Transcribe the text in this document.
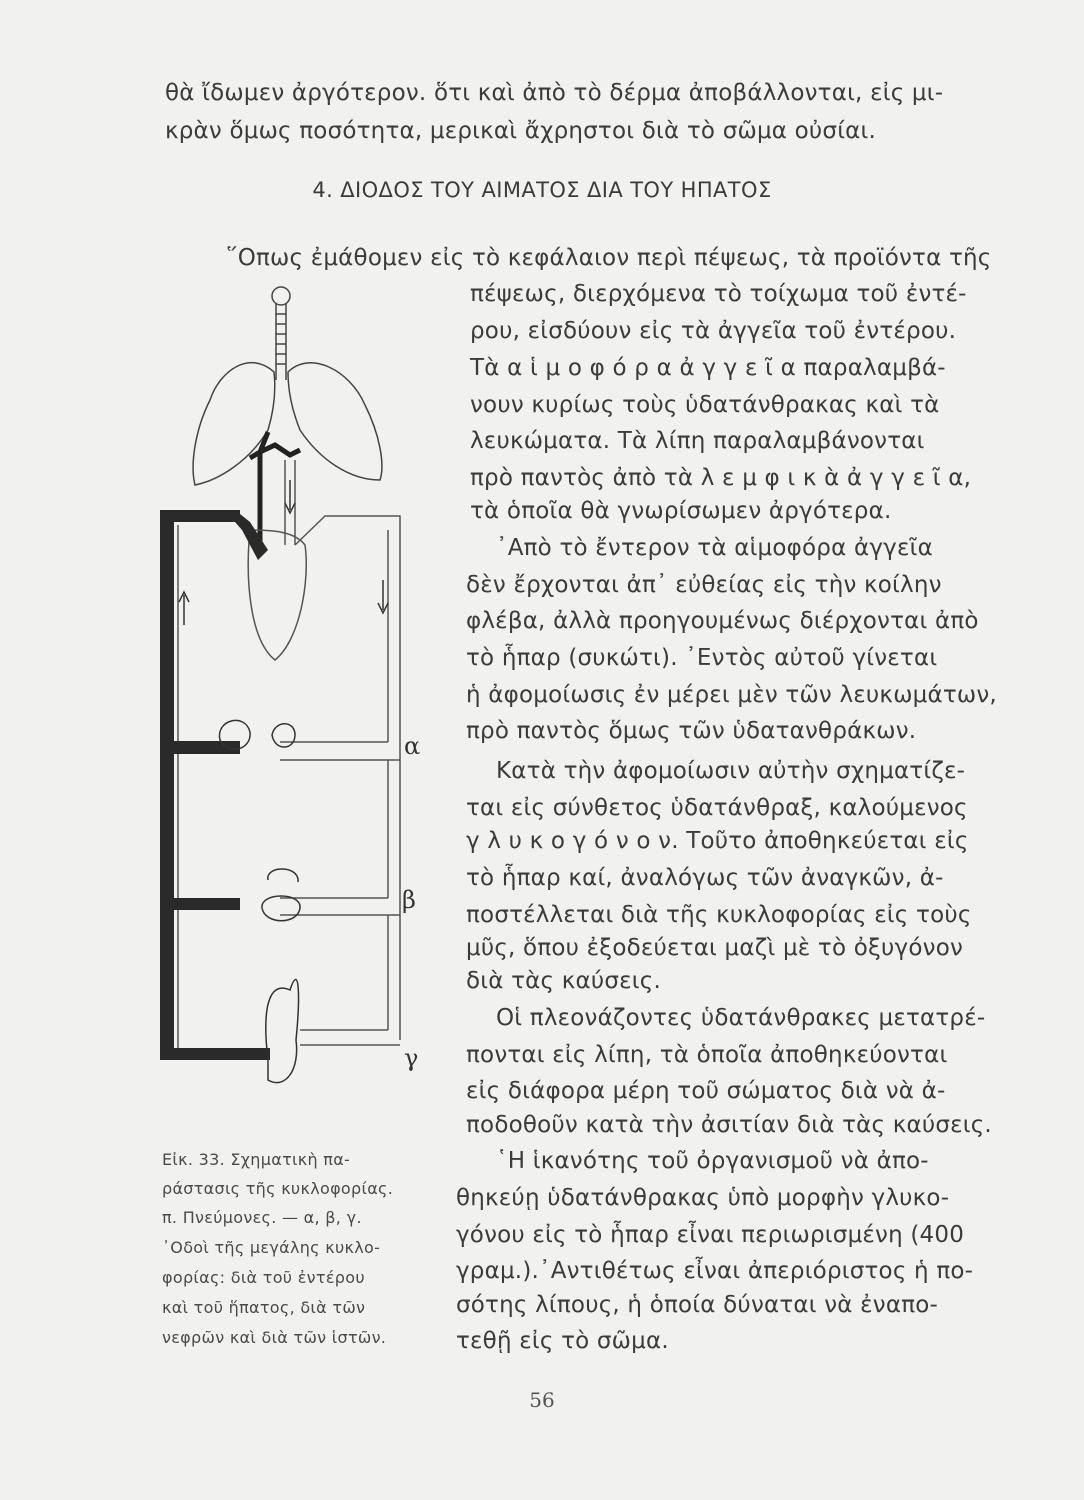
θὰ ἴδωμεν ἀργότερον. ὅτι καὶ ἀπὸ τὸ δέρμα ἀποβάλλονται, εἰς μι-
κρὰν ὅμως ποσότητα, μερικαὶ ἄχρηστοι διὰ τὸ σῶμα οὐσίαι.
4. ΔΙΟΔΟΣ ΤΟΥ ΑΙΜΑΤΟΣ ΔΙΑ ΤΟΥ ΗΠΑΤΟΣ
῞Οπως ἐμάθομεν εἰς τὸ κεφάλαιον περὶ πέψεως, τὰ προϊόντα τῆς
πέψεως, διερχόμενα τὸ τοίχωμα τοῦ ἐντέ-
ρου, εἰσδύουν εἰς τὰ ἀγγεῖα τοῦ ἐντέρου.
Τὰ α ἱ μ ο φ ό ρ α ἀ γ γ ε ῖ α παραλαμβά-
νουν κυρίως τοὺς ὑδατάνθρακας καὶ τὰ
λευκώματα. Τὰ λίπη παραλαμβάνονται
πρὸ παντὸς ἀπὸ τὰ λ ε μ φ ι κ ὰ ἀ γ γ ε ῖ α,
τὰ ὁποῖα θὰ γνωρίσωμεν ἀργότερα.
᾿Απὸ τὸ ἔντερον τὰ αἱμοφόρα ἀγγεῖα
δὲν ἔρχονται ἀπ᾿ εὐθείας εἰς τὴν κοίλην
φλέβα, ἀλλὰ προηγουμένως διέρχονται ἀπὸ
τὸ ἧπαρ (συκώτι). ᾿Εντὸς αὐτοῦ γίνεται
ἡ ἀφομοίωσις ἐν μέρει μὲν τῶν λευκωμάτων,
πρὸ παντὸς ὅμως τῶν ὑδατανθράκων.
Κατὰ τὴν ἀφομοίωσιν αὐτὴν σχηματίζε-
ται εἰς σύνθετος ὑδατάνθραξ, καλούμενος
γ λ υ κ ο γ ό ν ο ν. Τοῦτο ἀποθηκεύεται εἰς
τὸ ἧπαρ καί, ἀναλόγως τῶν ἀναγκῶν, ἀ-
ποστέλλεται διὰ τῆς κυκλοφορίας εἰς τοὺς
μῦς, ὅπου ἐξοδεύεται μαζὶ μὲ τὸ ὀξυγόνον
διὰ τὰς καύσεις.
Οἱ πλεονάζοντες ὑδατάνθρακες μετατρέ-
πονται εἰς λίπη, τὰ ὁποῖα ἀποθηκεύονται
εἰς διάφορα μέρη τοῦ σώματος διὰ νὰ ἀ-
ποδοθοῦν κατὰ τὴν ἀσιτίαν διὰ τὰς καύσεις.
῾Η ἱκανότης τοῦ ὀργανισμοῦ νὰ ἀπο-
θηκεύῃ ὑδατάνθρακας ὑπὸ μορφὴν γλυκο-
γόνου εἰς τὸ ἧπαρ εἶναι περιωρισμένη (400
γραμ.).᾿Αντιθέτως εἶναι ἀπεριόριστος ἡ πο-
σότης λίπους, ἡ ὁποία δύναται νὰ ἐναπο-
τεθῇ εἰς τὸ σῶμα.
α
β
γ
Εἰκ. 33. Σχηματικὴ πα-
ράστασις τῆς κυκλοφορίας.
π. Πνεύμονες. — α, β, γ.
᾿Οδοὶ τῆς μεγάλης κυκλο-
φορίας: διὰ τοῦ ἐντέρου
καὶ τοῦ ἥπατος, διὰ τῶν
νεφρῶν καὶ διὰ τῶν ἱστῶν.
56
